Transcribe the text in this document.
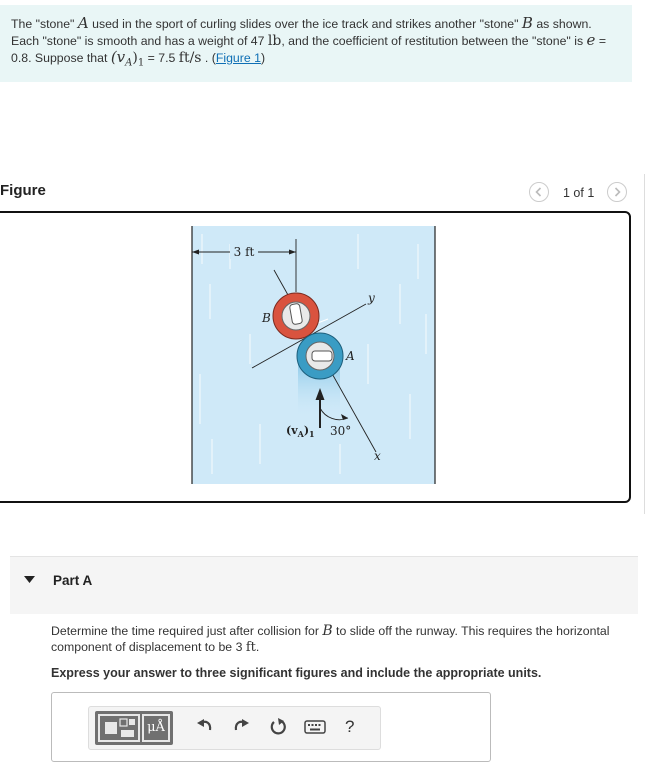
The "stone" A used in the sport of curling slides over the ice track and strikes another "stone" B as shown. Each "stone" is smooth and has a weight of 47 lb, and the coefficient of restitution between the "stone" is e = 0.8. Suppose that $(v_A)_1 = 7.5$ ft/s . (Figure 1)
Figure	1 of 1
3 ft
B
A
y
x
30°
$(v_A)_1$
Part A
Determine the time required just after collision for B to slide off the runway. This requires the horizontal component of displacement to be 3 ft.
Express your answer to three significant figures and include the appropriate units.
μÅ	?
